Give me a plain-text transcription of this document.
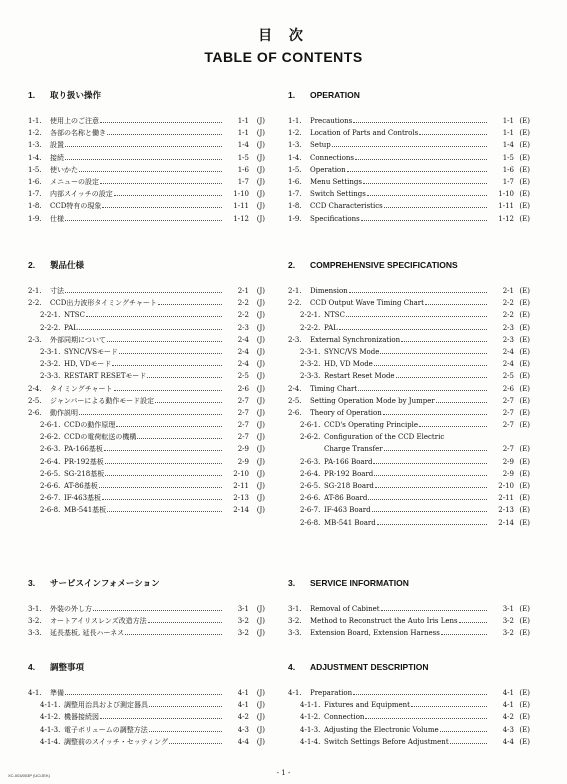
目 次
TABLE OF CONTENTS
1. 取り扱い操作
1-1.	使用上のご注意	1-1	(J)
1-2.	各部の名称と働き	1-1	(J)
1-3.	設置	1-4	(J)
1-4.	接続	1-5	(J)
1-5.	使いかた	1-6	(J)
1-6.	メニューの設定	1-7	(J)
1-7.	内部スイッチの設定	1-10	(J)
1-8.	CCD特有の現象	1-11	(J)
1-9.	仕様	1-12	(J)
2. 製品仕様
2-1.	寸法	2-1	(J)
2-2.	CCD出力波形タイミングチャート	2-2	(J)
2-2-1. NTSC	2-2	(J)
2-2-2. PAL	2-3	(J)
2-3.	外部同期について	2-4	(J)
2-3-1. SYNC/VSモード	2-4	(J)
2-3-2. HD, VDモード	2-4	(J)
2-3-3. RESTART RESETモード	2-5	(J)
2-4.	タイミングチャート	2-6	(J)
2-5.	ジャンパーによる動作モード設定	2-7	(J)
2-6.	動作説明	2-7	(J)
2-6-1. CCDの動作原理	2-7	(J)
2-6-2. CCDの電荷転送の機構	2-7	(J)
2-6-3. PA-166基板	2-9	(J)
2-6-4. PR-192基板	2-9	(J)
2-6-5. SG-218基板	2-10	(J)
2-6-6. AT-86基板	2-11	(J)
2-6-7. IF-463基板	2-13	(J)
2-6-8. MB-541基板	2-14	(J)
3. サービスインフォメーション
3-1.	外装の外し方	3-1	(J)
3-2.	オートアイリスレンズ改造方法	3-2	(J)
3-3.	延長基板, 延長ハーネス	3-2	(J)
4. 調整事項
4-1.	準備	4-1	(J)
4-1-1. 調整用治具および測定器具	4-1	(J)
4-1-2. 機器接続図	4-2	(J)
4-1-3. 電子ボリュームの調整方法	4-3	(J)
4-1-4. 調整前のスイッチ・セッティング	4-4	(J)
1. OPERATION
1-1.	Precautions	1-1 (E)
1-2.	Location of Parts and Controls	1-1 (E)
1-3.	Setup	1-4 (E)
1-4.	Connections	1-5 (E)
1-5.	Operation	1-6 (E)
1-6.	Menu Settings	1-7 (E)
1-7.	Switch Settings	1-10 (E)
1-8.	CCD Characteristics	1-11 (E)
1-9.	Specifications	1-12 (E)
2. COMPREHENSIVE SPECIFICATIONS
2-1.	Dimension	2-1 (E)
2-2.	CCD Output Wave Timing Chart	2-2 (E)
2-2-1. NTSC	2-2 (E)
2-2-2. PAL	2-3 (E)
2-3.	External Synchronization	2-3 (E)
2-3-1. SYNC/VS Mode	2-4 (E)
2-3-2. HD, VD Mode	2-4 (E)
2-3-3. Restart Reset Mode	2-5 (E)
2-4.	Timing Chart	2-6 (E)
2-5.	Setting Operation Mode by Jumper	2-7 (E)
2-6.	Theory of Operation	2-7 (E)
2-6-1. CCD's Operating Principle	2-7 (E)
2-6-2. Configuration of the CCD Electric
Charge Transfer	2-7 (E)
2-6-3. PA-166 Board	2-9 (E)
2-6-4. PR-192 Board	2-9 (E)
2-6-5. SG-218 Board	2-10 (E)
2-6-6. AT-86 Board	2-11 (E)
2-6-7. IF-463 Board	2-13 (E)
2-6-8. MB-541 Board	2-14 (E)
3. SERVICE INFORMATION
3-1.	Removal of Cabinet	3-1 (E)
3-2.	Method to Reconstruct the Auto Iris Lens	3-2 (E)
3-3.	Extension Board, Extension Harness	3-2 (E)
4. ADJUSTMENT DESCRIPTION
4-1.	Preparation	4-1 (E)
4-1-1. Fixtures and Equipment	4-1 (E)
4-1-2. Connection	4-2 (E)
4-1-3. Adjusting the Electronic Volume	4-3 (E)
4-1-4. Switch Settings Before Adjustment	4-4 (E)
XC-003/003P (UC/JEK)	- 1 -
